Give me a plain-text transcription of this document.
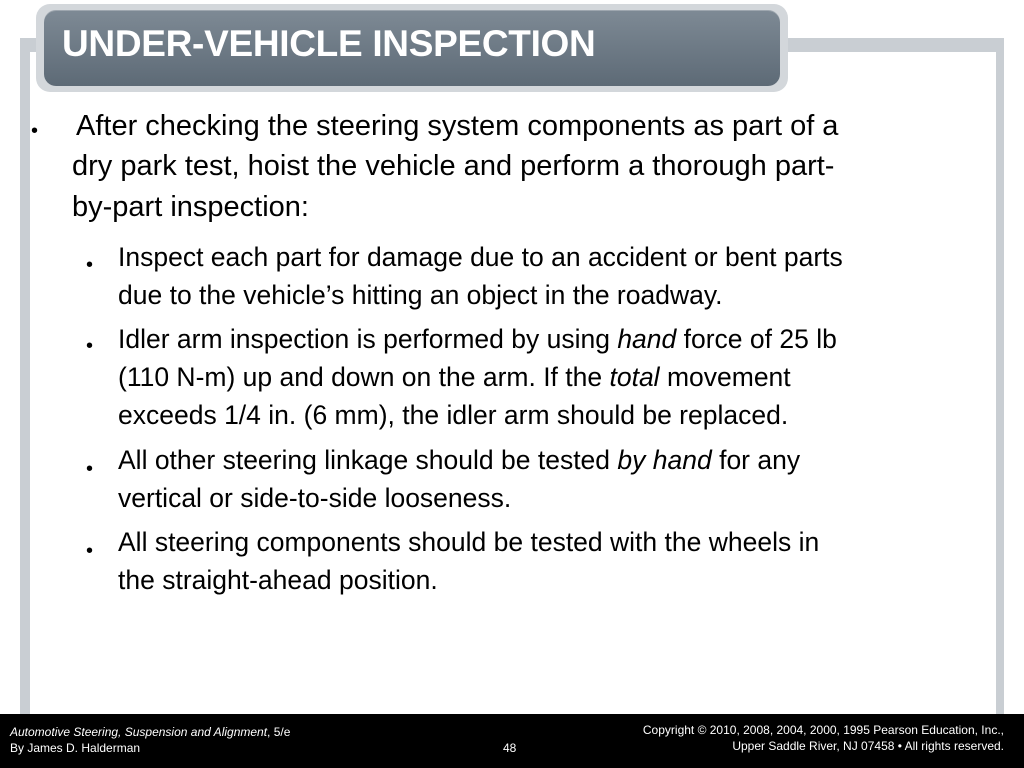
UNDER-VEHICLE INSPECTION
• After checking the steering system components as part of a
dry park test, hoist the vehicle and perform a thorough part-
by-part inspection:
• Inspect each part for damage due to an accident or bent parts
due to the vehicle’s hitting an object in the roadway.
• Idler arm inspection is performed by using hand force of 25 lb
(110 N-m) up and down on the arm. If the total movement
exceeds 1/4 in. (6 mm), the idler arm should be replaced.
• All other steering linkage should be tested by hand for any
vertical or side-to-side looseness.
• All steering components should be tested with the wheels in
the straight-ahead position.
Automotive Steering, Suspension and Alignment, 5/e
By James D. Halderman	48
Copyright © 2010, 2008, 2004, 2000, 1995 Pearson Education, Inc.,
Upper Saddle River, NJ 07458 • All rights reserved.
